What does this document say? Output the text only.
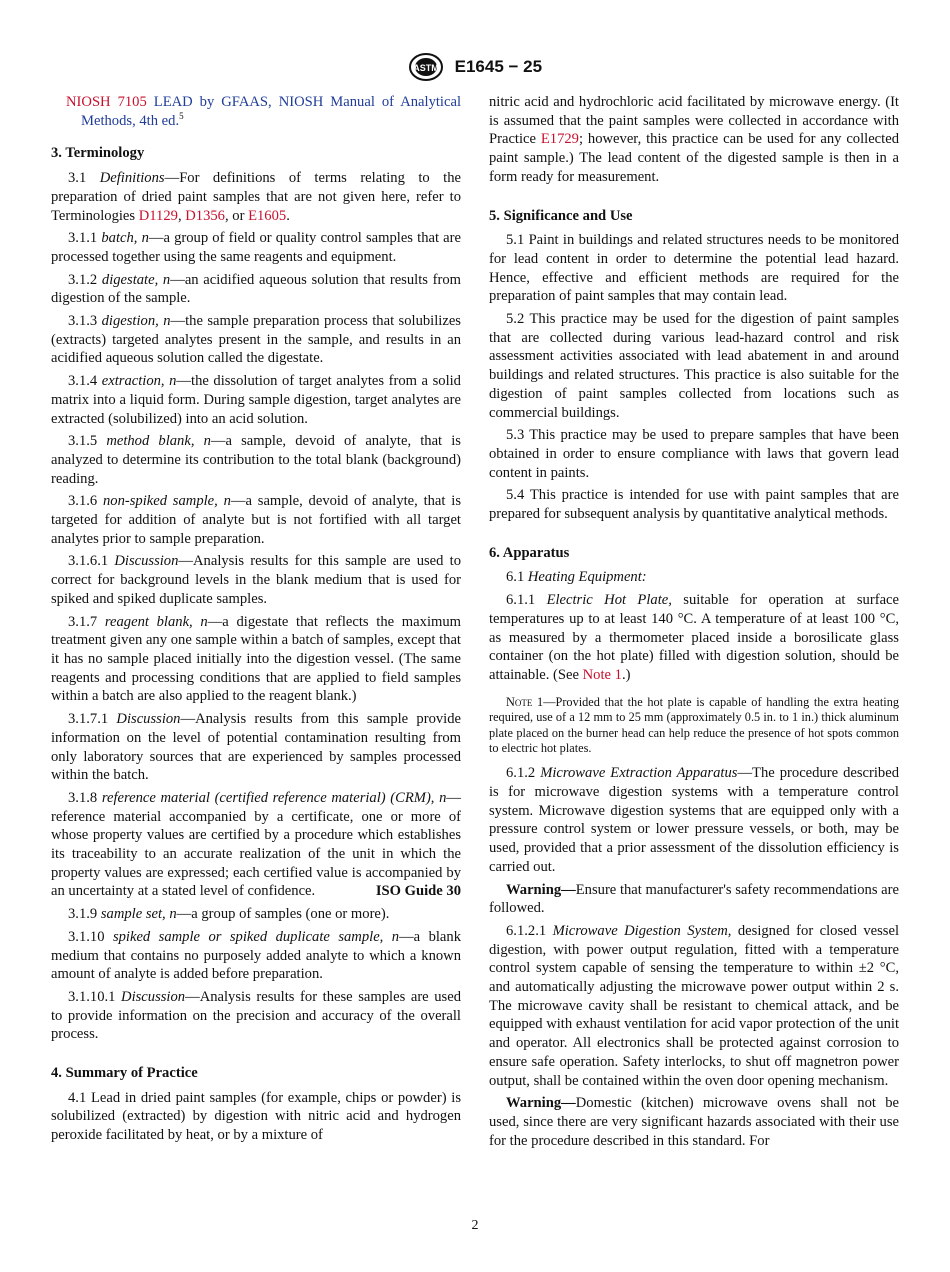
ASTM E1645 − 25

NIOSH 7105 LEAD by GFAAS, NIOSH Manual of Analytical Methods, 4th ed.$^5$

3. Terminology

3.1 Definitions—For definitions of terms relating to the preparation of dried paint samples that are not given here, refer to Terminologies D1129, D1356, or E1605.

3.1.1 batch, n—a group of field or quality control samples that are processed together using the same reagents and equipment.

3.1.2 digestate, n—an acidified aqueous solution that results from digestion of the sample.

3.1.3 digestion, n—the sample preparation process that solubilizes (extracts) targeted analytes present in the sample, and results in an acidified aqueous solution called the digestate.

3.1.4 extraction, n—the dissolution of target analytes from a solid matrix into a liquid form. During sample digestion, target analytes are extracted (solubilized) into an acid solution.

3.1.5 method blank, n—a sample, devoid of analyte, that is analyzed to determine its contribution to the total blank (background) reading.

3.1.6 non-spiked sample, n—a sample, devoid of analyte, that is targeted for addition of analyte but is not fortified with all target analytes prior to sample preparation.

3.1.6.1 Discussion—Analysis results for this sample are used to correct for background levels in the blank medium that is used for spiked and spiked duplicate samples.

3.1.7 reagent blank, n—a digestate that reflects the maximum treatment given any one sample within a batch of samples, except that it has no sample placed initially into the digestion vessel. (The same reagents and processing conditions that are applied to field samples within a batch are also applied to the reagent blank.)

3.1.7.1 Discussion—Analysis results from this sample provide information on the level of potential contamination resulting from only laboratory sources that are experienced by samples processed within the batch.

3.1.8 reference material (certified reference material) (CRM), n—reference material accompanied by a certificate, one or more of whose property values are certified by a procedure which establishes its traceability to an accurate realization of the unit in which the property values are expressed; each certified value is accompanied by an uncertainty at a stated level of confidence.	ISO Guide 30

3.1.9 sample set, n—a group of samples (one or more).

3.1.10 spiked sample or spiked duplicate sample, n—a blank medium that contains no purposely added analyte to which a known amount of analyte is added before preparation.

3.1.10.1 Discussion—Analysis results for these samples are used to provide information on the precision and accuracy of the overall process.

4. Summary of Practice

4.1 Lead in dried paint samples (for example, chips or powder) is solubilized (extracted) by digestion with nitric acid and hydrogen peroxide facilitated by heat, or by a mixture of

nitric acid and hydrochloric acid facilitated by microwave energy. (It is assumed that the paint samples were collected in accordance with Practice E1729; however, this practice can be used for any collected paint sample.) The lead content of the digested sample is then in a form ready for measurement.

5. Significance and Use

5.1 Paint in buildings and related structures needs to be monitored for lead content in order to determine the potential lead hazard. Hence, effective and efficient methods are required for the preparation of paint samples that may contain lead.

5.2 This practice may be used for the digestion of paint samples that are collected during various lead-hazard control and risk assessment activities associated with lead abatement in and around buildings and related structures. This practice is also suitable for the digestion of paint samples collected from locations such as commercial buildings.

5.3 This practice may be used to prepare samples that have been obtained in order to ensure compliance with laws that govern lead content in paints.

5.4 This practice is intended for use with paint samples that are prepared for subsequent analysis by quantitative analytical methods.

6. Apparatus

6.1 Heating Equipment:

6.1.1 Electric Hot Plate, suitable for operation at surface temperatures up to at least 140 °C. A temperature of at least 100 °C, as measured by a thermometer placed inside a borosilicate glass container (on the hot plate) filled with digestion solution, should be attainable. (See Note 1.)

Note 1—Provided that the hot plate is capable of handling the extra heating required, use of a 12 mm to 25 mm (approximately 0.5 in. to 1 in.) thick aluminum plate placed on the burner head can help reduce the presence of hot spots common to electric hot plates.

6.1.2 Microwave Extraction Apparatus—The procedure described is for microwave digestion systems with a temperature control system. Microwave digestion systems that are equipped only with a pressure control system or lower pressure vessels, or both, may be used, provided that a prior assessment of the dissolution efficiency is carried out.

Warning—Ensure that manufacturer's safety recommendations are followed.

6.1.2.1 Microwave Digestion System, designed for closed vessel digestion, with power output regulation, fitted with a temperature control system capable of sensing the temperature to within ±2 °C, and automatically adjusting the microwave power output within 2 s. The microwave cavity shall be resistant to chemical attack, and be equipped with exhaust ventilation for acid vapor protection of the unit and operator. All electronics shall be protected against corrosion to ensure safe operation. Safety interlocks, to shut off magnetron power output, shall be contained within the oven door opening mechanism.

Warning—Domestic (kitchen) microwave ovens shall not be used, since there are very significant hazards associated with their use for the procedure described in this standard. For

2
